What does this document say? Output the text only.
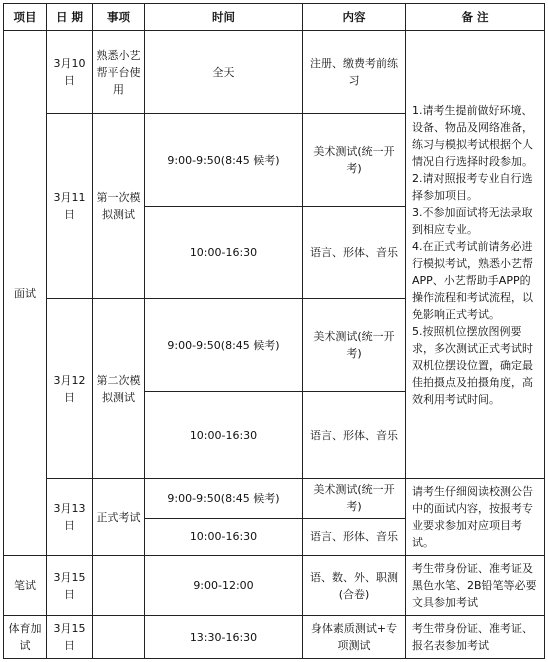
项目	日 期	事项	时间	内容	备 注
面试	3月10日	熟悉小艺帮平台使用	全天	注册、缴费考前练习	1.请考生提前做好环境、设备、物品及网络准备，练习与模拟考试根据个人情况自行选择时段参加。
2.请对照报考专业自行选择参加项目。
3.不参加面试将无法录取到相应专业。
4.在正式考试前请务必进行模拟考试，熟悉小艺帮APP、小艺帮助手APP的操作流程和考试流程，以免影响正式考试。
5.按照机位摆放图例要求，多次测试正式考试时双机位摆设位置，确定最佳拍摄点及拍摄角度，高效利用考试时间。

	3月11日	第一次模拟测试	9:00-9:50(8:45 候考)	美术测试(统一开考)	
			10:00-16:30	语言、形体、音乐	
	3月12日	第二次模拟测试	9:00-9:50(8:45 候考)	美术测试(统一开考)	
			10:00-16:30	语言、形体、音乐	
	3月13日	正式考试	9:00-9:50(8:45 候考)	美术测试(统一开考)	请考生仔细阅读校测公告中的面试内容，按报考专业要求参加对应项目考试。
			10:00-16:30	语言、形体、音乐	

笔试	3月15日		9:00-12:00	语、数、外、职测(合卷)	考生带身份证、准考证及黑色水笔、2B铅笔等必要文具参加考试
体育加试	3月15日		13:30-16:30	身体素质测试+专项测试	考生带身份证、准考证、报名表参加考试
